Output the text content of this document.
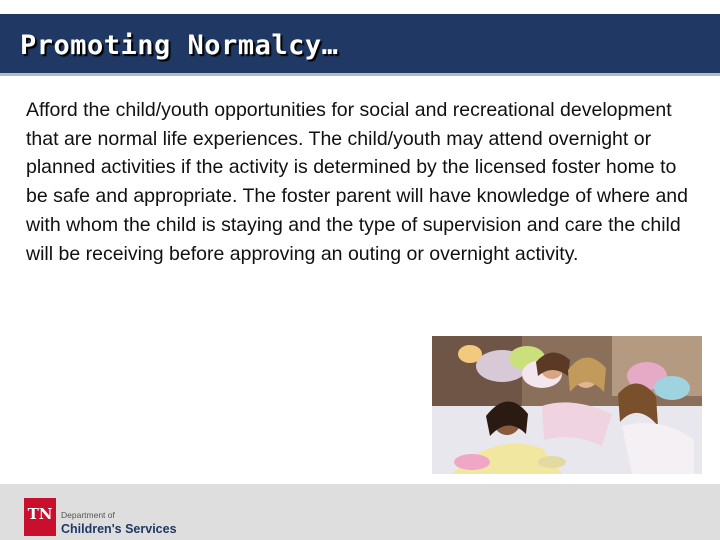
Promoting Normalcy…

Afford the child/youth opportunities for social and recreational development that are normal life experiences. The child/youth may attend overnight or planned activities if the activity is determined by the licensed foster home to be safe and appropriate. The foster parent will have knowledge of where and with whom the child is staying and the type of supervision and care the child will be receiving before approving an outing or overnight activity.

TN	Department of
Children's Services
